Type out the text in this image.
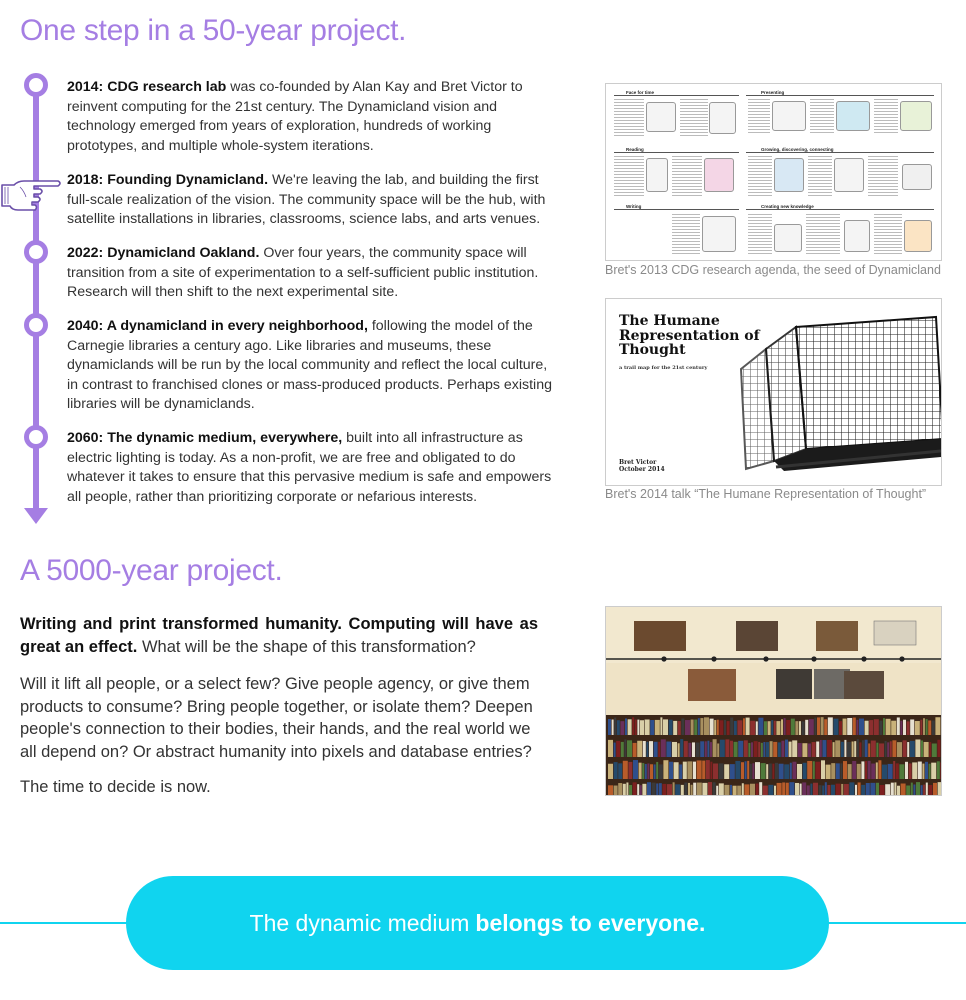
One step in a 50-year project.
2014: CDG research lab was co-founded by Alan Kay and Bret Victor to reinvent computing for the 21st century. The Dynamicland vision and technology emerged from years of exploration, hundreds of working prototypes, and multiple whole-system iterations.
2018: Founding Dynamicland. We're leaving the lab, and building the first full-scale realization of the vision. The community space will be the hub, with satellite installations in libraries, classrooms, science labs, and arts venues.
2022: Dynamicland Oakland. Over four years, the community space will transition from a site of experimentation to a self-sufficient public institution. Research will then shift to the next experimental site.
2040: A dynamicland in every neighborhood, following the model of the Carnegie libraries a century ago. Like libraries and museums, these dynamiclands will be run by the local community and reflect the local culture, in contrast to franchised clones or mass-produced products. Perhaps existing libraries will be dynamiclands.
2060: The dynamic medium, everywhere, built into all infrastructure as electric lighting is today. As a non-profit, we are free and obligated to do whatever it takes to ensure that this pervasive medium is safe and empowers all people, rather than prioritizing corporate or nefarious interests.
Face for time	Presenting
Reading	Growing, discovering, connecting
Writing	Creating new knowledge
Bret's 2013 CDG research agenda, the seed of Dynamicland
The Humane Representation of Thought
a trail map for the 21st century
Bret Victor
October 2014
Bret's 2014 talk “The Humane Representation of Thought”
A 5000-year project.
Writing and print transformed humanity. Computing will have as great an effect. What will be the shape of this transformation?
Will it lift all people, or a select few? Give people agency, or give them products to consume? Bring people together, or isolate them? Deepen people's connection to their bodies, their hands, and the real world we all depend on? Or abstract humanity into pixels and database entries?
The time to decide is now.
The dynamic medium belongs to everyone.
